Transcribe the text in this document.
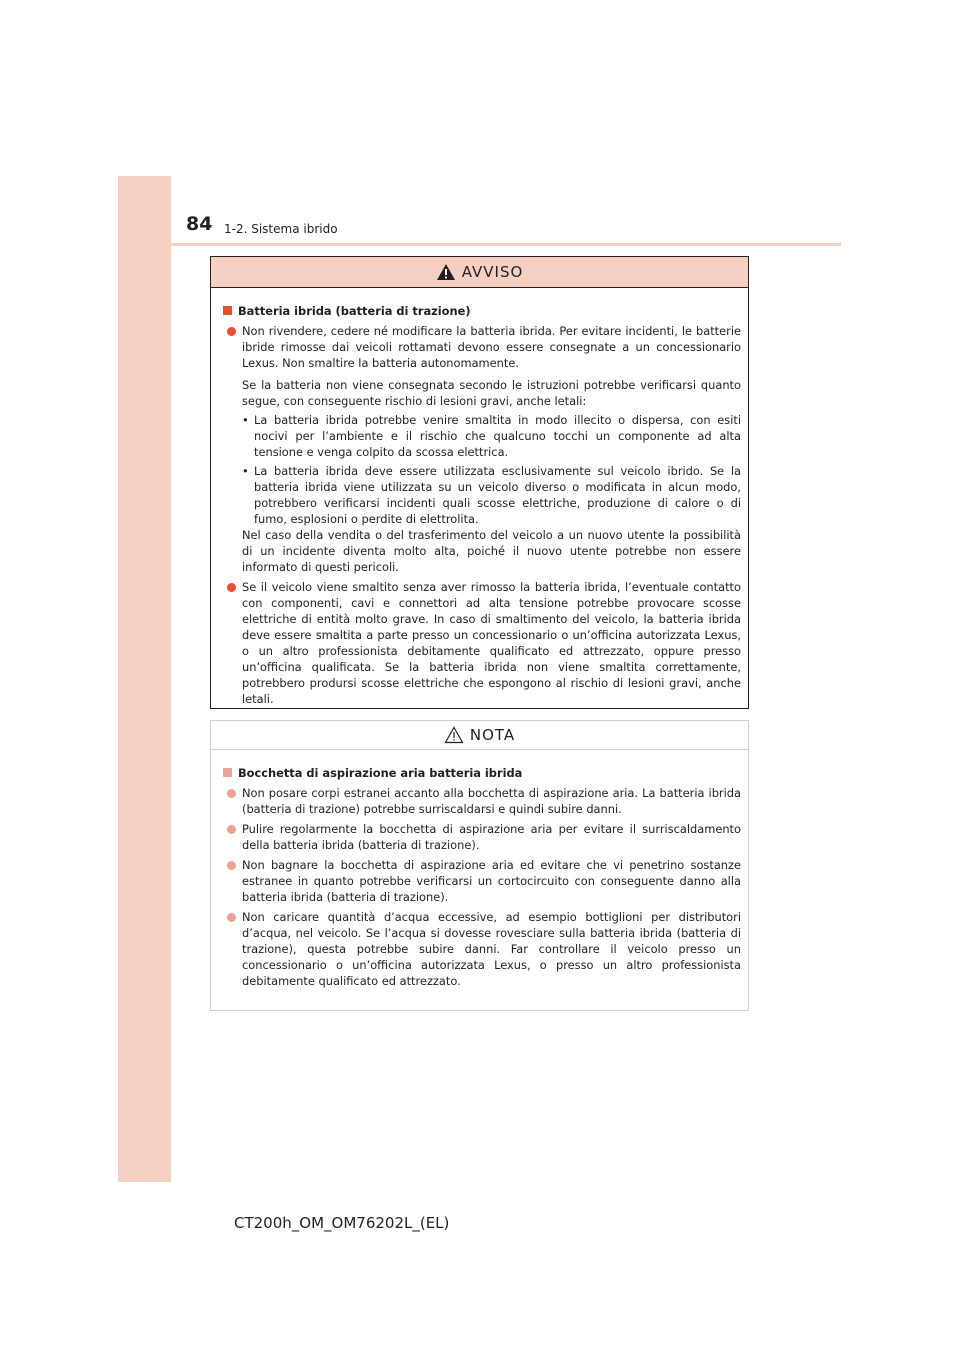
84 1-2. Sistema ibrido
AVVISO
Batteria ibrida (batteria di trazione)
Non rivendere, cedere né modificare la batteria ibrida. Per evitare incidenti, le batterie ibride rimosse dai veicoli rottamati devono essere consegnate a un concessionario Lexus. Non smaltire la batteria autonomamente.
Se la batteria non viene consegnata secondo le istruzioni potrebbe verificarsi quanto segue, con conseguente rischio di lesioni gravi, anche letali:
• La batteria ibrida potrebbe venire smaltita in modo illecito o dispersa, con esiti nocivi per l’ambiente e il rischio che qualcuno tocchi un componente ad alta tensione e venga colpito da scossa elettrica.
• La batteria ibrida deve essere utilizzata esclusivamente sul veicolo ibrido. Se la batteria ibrida viene utilizzata su un veicolo diverso o modificata in alcun modo, potrebbero verificarsi incidenti quali scosse elettriche, produzione di calore o di fumo, esplosioni o perdite di elettrolita.
Nel caso della vendita o del trasferimento del veicolo a un nuovo utente la possibilità di un incidente diventa molto alta, poiché il nuovo utente potrebbe non essere informato di questi pericoli.
Se il veicolo viene smaltito senza aver rimosso la batteria ibrida, l’eventuale contatto con componenti, cavi e connettori ad alta tensione potrebbe provocare scosse elettriche di entità molto grave. In caso di smaltimento del veicolo, la batteria ibrida deve essere smaltita a parte presso un concessionario o un’officina autorizzata Lexus, o un altro professionista debitamente qualificato ed attrezzato, oppure presso un’officina qualificata. Se la batteria ibrida non viene smaltita correttamente, potrebbero prodursi scosse elettriche che espongono al rischio di lesioni gravi, anche letali.
NOTA
Bocchetta di aspirazione aria batteria ibrida
Non posare corpi estranei accanto alla bocchetta di aspirazione aria. La batteria ibrida (batteria di trazione) potrebbe surriscaldarsi e quindi subire danni.
Pulire regolarmente la bocchetta di aspirazione aria per evitare il surriscaldamento della batteria ibrida (batteria di trazione).
Non bagnare la bocchetta di aspirazione aria ed evitare che vi penetrino sostanze estranee in quanto potrebbe verificarsi un cortocircuito con conseguente danno alla batteria ibrida (batteria di trazione).
Non caricare quantità d’acqua eccessive, ad esempio bottiglioni per distributori d’acqua, nel veicolo. Se l’acqua si dovesse rovesciare sulla batteria ibrida (batteria di trazione), questa potrebbe subire danni. Far controllare il veicolo presso un concessionario o un’officina autorizzata Lexus, o presso un altro professionista debitamente qualificato ed attrezzato.
CT200h_OM_OM76202L_(EL)
